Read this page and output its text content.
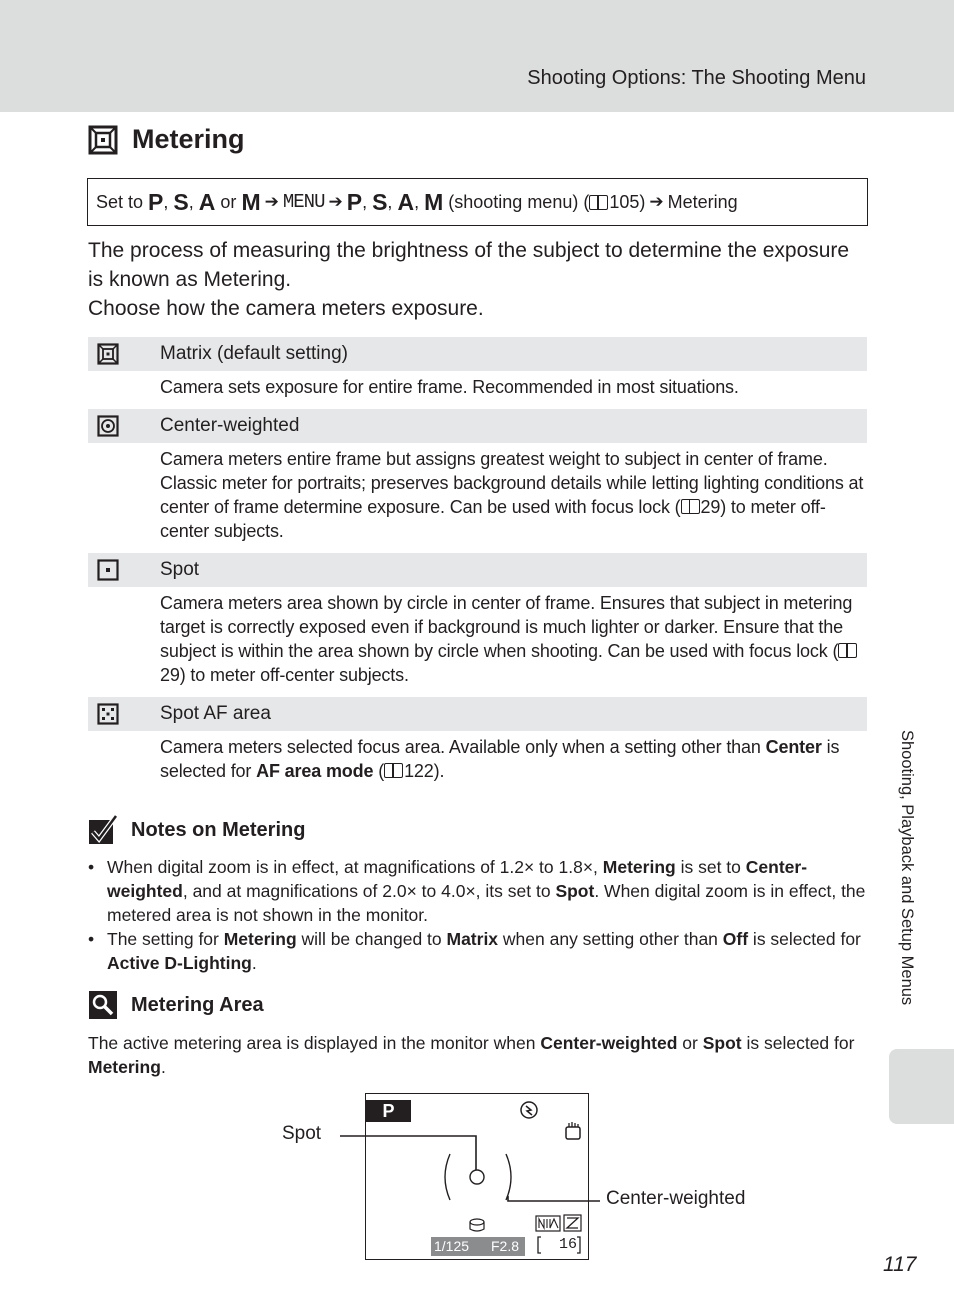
Shooting Options: The Shooting Menu
Metering
Set to
P , S , A
or
M ➔ MENU ➔ P , S , A , M
(shooting menu) ( 105) ➔ Metering
The process of measuring the brightness of the subject to determine the exposure is known as Metering.
Choose how the camera meters exposure.
Matrix (default setting)
Camera sets exposure for entire frame. Recommended in most situations.
Center-weighted
Camera meters entire frame but assigns greatest weight to subject in center of frame. Classic meter for portraits; preserves background details while letting lighting conditions at center of frame determine exposure. Can be used with focus lock ( 29) to meter off-center subjects.
Spot
Camera meters area shown by circle in center of frame. Ensures that subject in metering target is correctly exposed even if background is much lighter or darker. Ensure that the subject is within the area shown by circle when shooting. Can be used with focus lock (29) to meter off-center subjects.
Spot AF area
Camera meters selected focus area. Available only when a setting other than Center is selected for AF area mode ( 122).
Notes on Metering
• When digital zoom is in effect, at magnifications of 1.2× to 1.8×, Metering is set to Center-weighted, and at magnifications of 2.0× to 4.0×, its set to Spot. When digital zoom is in effect, the metered area is not shown in the monitor.
• The setting for Metering will be changed to Matrix when any setting other than Off is selected for Active D-Lighting.
Metering Area
The active metering area is displayed in the monitor when Center-weighted or Spot is selected for Metering.
P
1/125 F2.8	16
Spot
Center-weighted
Shooting, Playback and Setup Menus
117
